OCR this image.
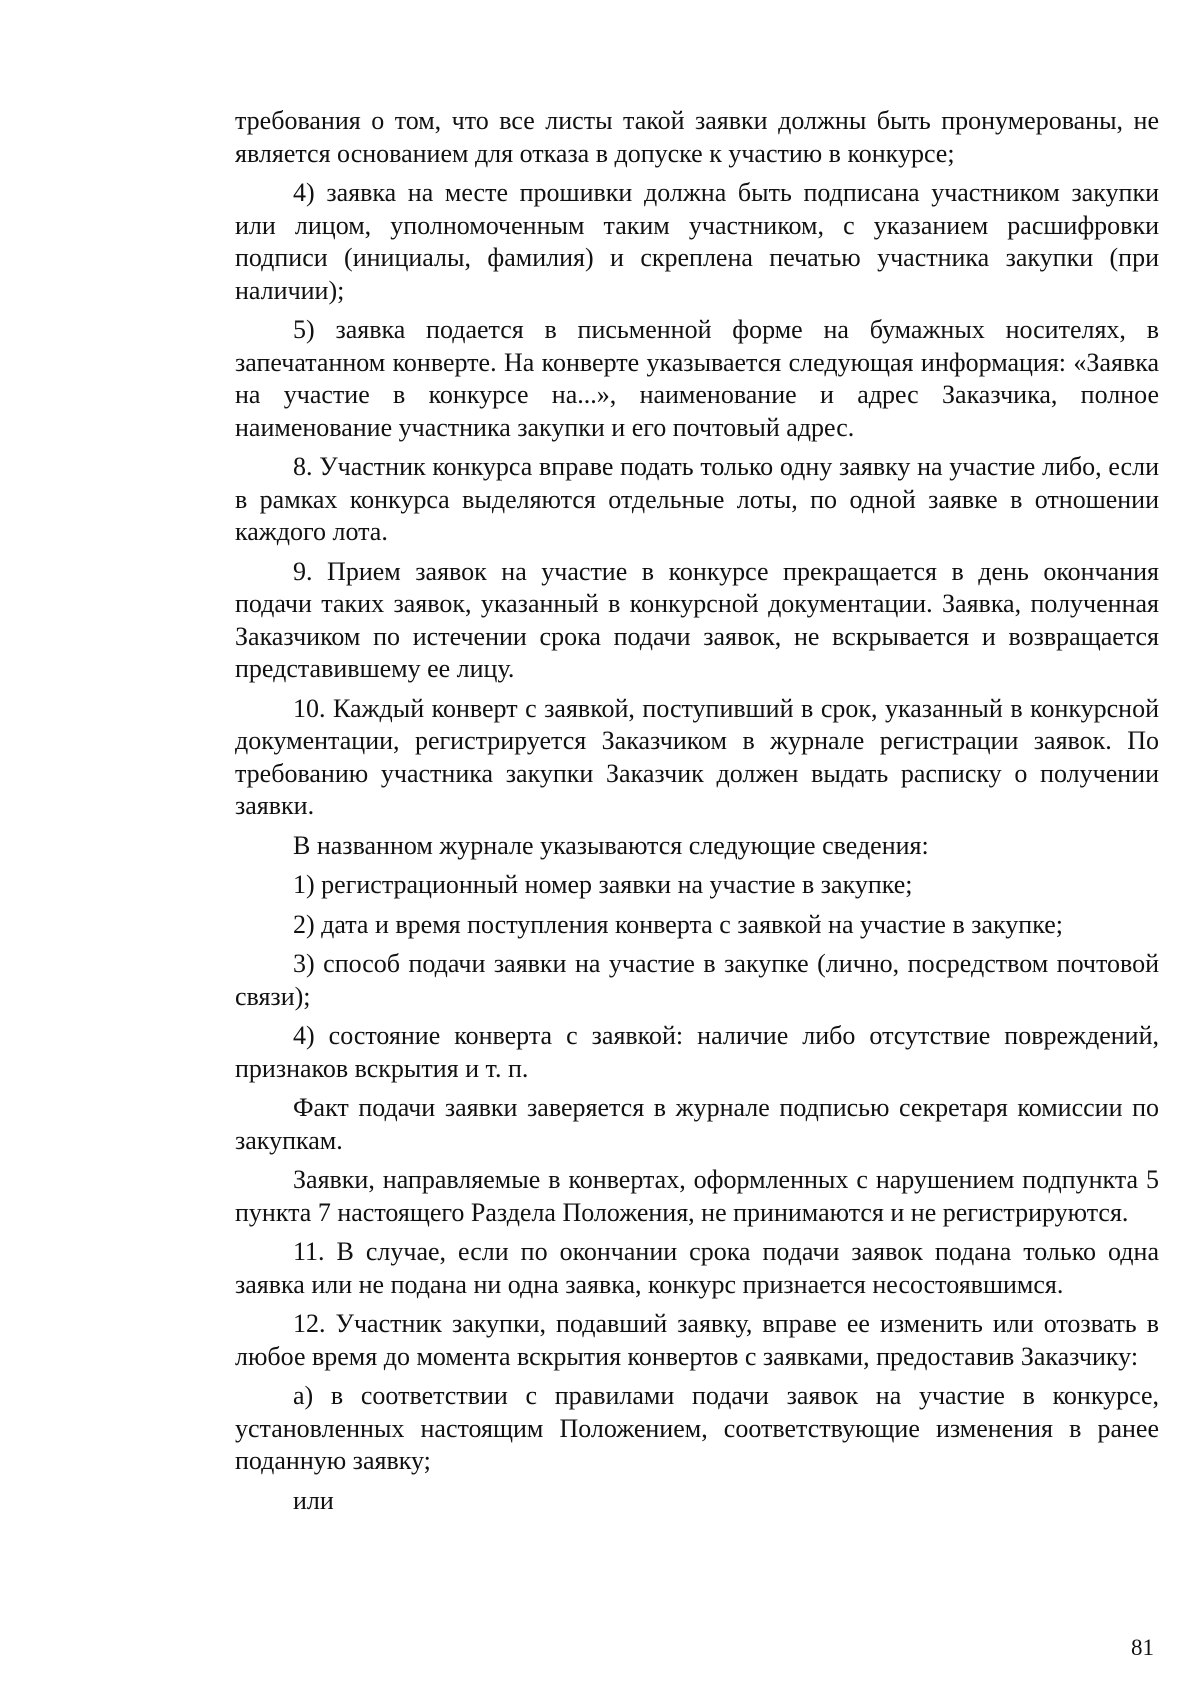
требования о том, что все листы такой заявки должны быть пронумерованы, не является основанием для отказа в допуске к участию в конкурсе;

4) заявка на месте прошивки должна быть подписана участником закупки или лицом, уполномоченным таким участником, с указанием расшифровки подписи (инициалы, фамилия) и скреплена печатью участника закупки (при наличии);

5) заявка подается в письменной форме на бумажных носителях, в запечатанном конверте. На конверте указывается следующая информация: «Заявка на участие в конкурсе на...», наименование и адрес Заказчика, полное наименование участника закупки и его почтовый адрес.

8. Участник конкурса вправе подать только одну заявку на участие либо, если в рамках конкурса выделяются отдельные лоты, по одной заявке в отношении каждого лота.

9. Прием заявок на участие в конкурсе прекращается в день окончания подачи таких заявок, указанный в конкурсной документации. Заявка, полученная Заказчиком по истечении срока подачи заявок, не вскрывается и возвращается представившему ее лицу.

10. Каждый конверт с заявкой, поступивший в срок, указанный в конкурсной документации, регистрируется Заказчиком в журнале регистрации заявок. По требованию участника закупки Заказчик должен выдать расписку о получении заявки.

В названном журнале указываются следующие сведения:

1) регистрационный номер заявки на участие в закупке;

2) дата и время поступления конверта с заявкой на участие в закупке;

3) способ подачи заявки на участие в закупке (лично, посредством почтовой связи);

4) состояние конверта с заявкой: наличие либо отсутствие повреждений, признаков вскрытия и т. п.

Факт подачи заявки заверяется в журнале подписью секретаря комиссии по закупкам.

Заявки, направляемые в конвертах, оформленных с нарушением подпункта 5 пункта 7 настоящего Раздела Положения, не принимаются и не регистрируются.

11. В случае, если по окончании срока подачи заявок подана только одна заявка или не подана ни одна заявка, конкурс признается несостоявшимся.

12. Участник закупки, подавший заявку, вправе ее изменить или отозвать в любое время до момента вскрытия конвертов с заявками, предоставив Заказчику:

а) в соответствии с правилами подачи заявок на участие в конкурсе, установленных настоящим Положением, соответствующие изменения в ранее поданную заявку;

или

81
